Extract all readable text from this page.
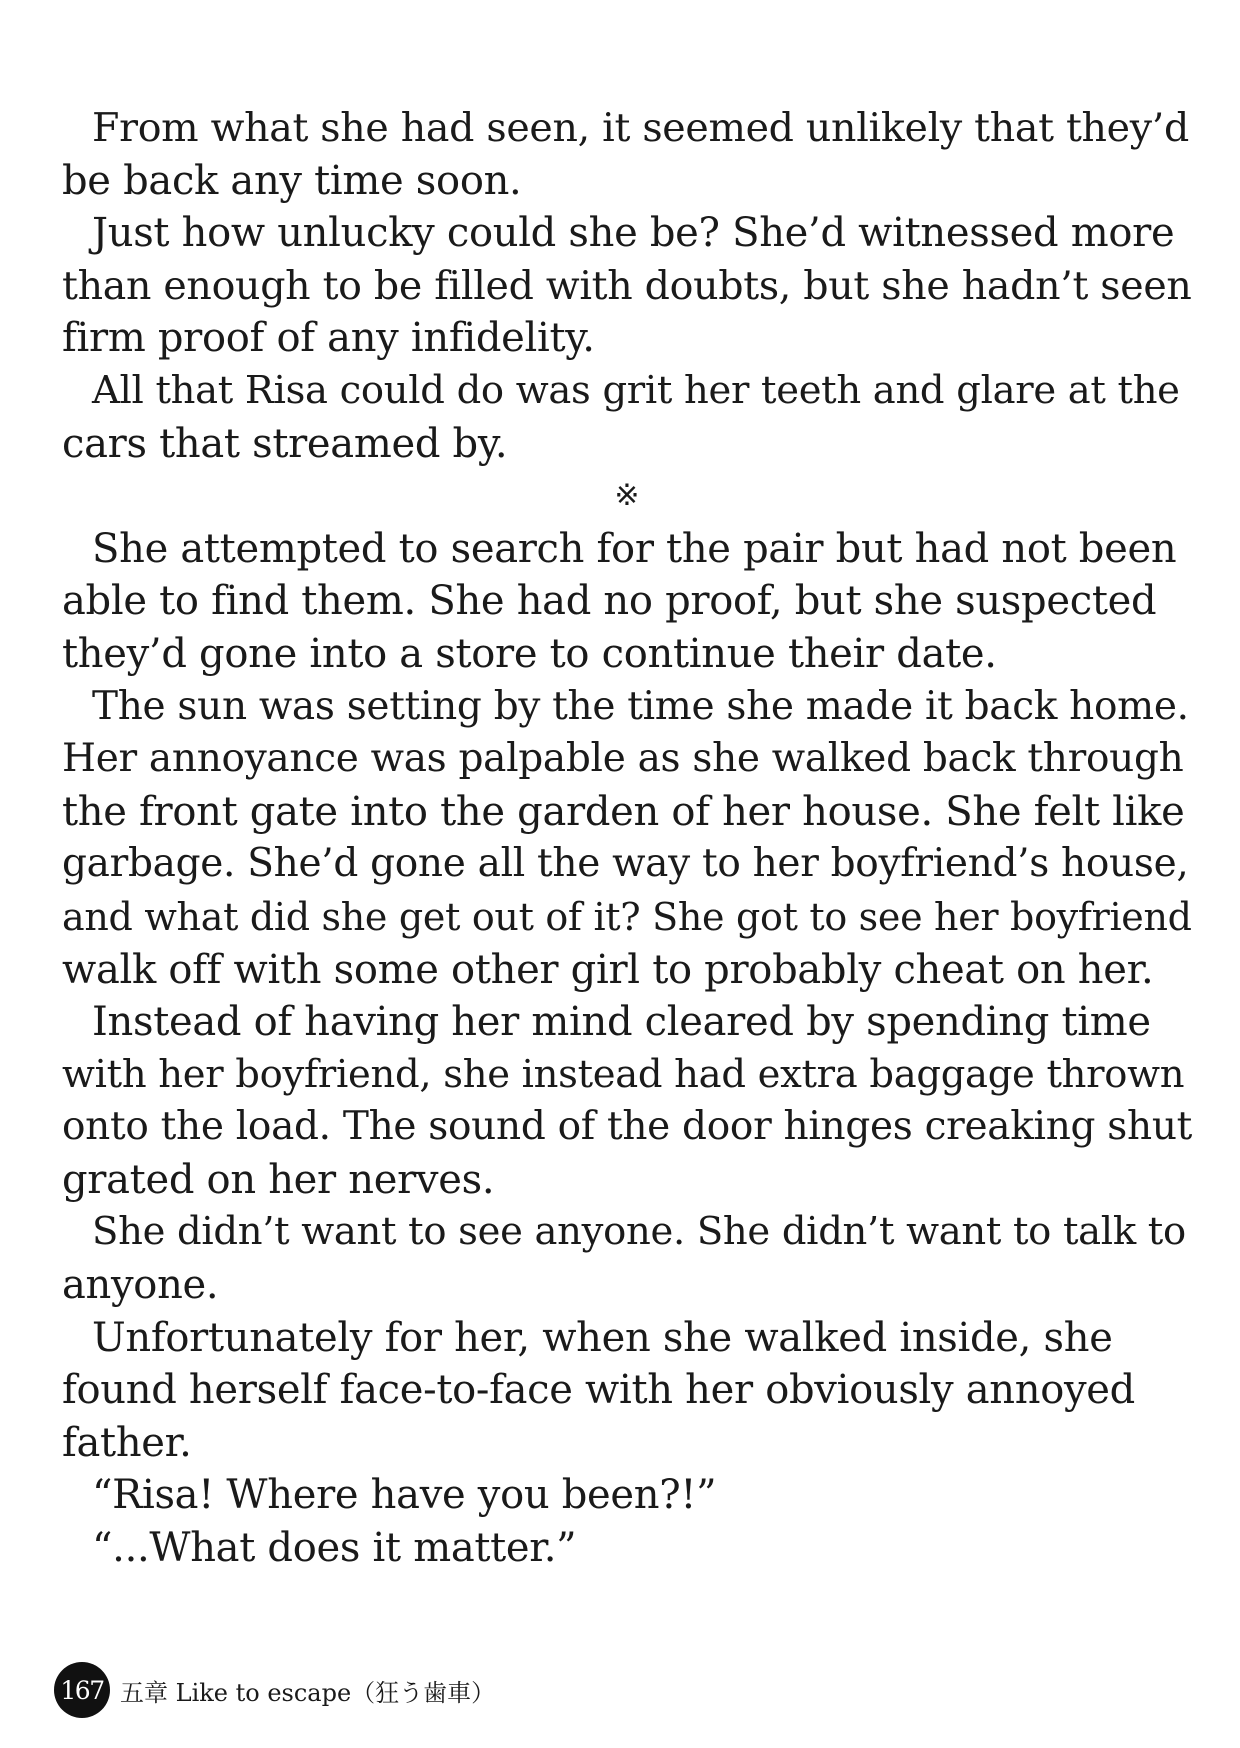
From what she had seen, it seemed unlikely that they’d

be back any time soon.

Just how unlucky could she be? She’d witnessed more

than enough to be filled with doubts, but she hadn’t seen

firm proof of any infidelity.

All that Risa could do was grit her teeth and glare at the

cars that streamed by.

※

She attempted to search for the pair but had not been

able to find them. She had no proof, but she suspected

they’d gone into a store to continue their date.

The sun was setting by the time she made it back home.

Her annoyance was palpable as she walked back through

the front gate into the garden of her house. She felt like

garbage. She’d gone all the way to her boyfriend’s house,

and what did she get out of it? She got to see her boyfriend

walk off with some other girl to probably cheat on her.

Instead of having her mind cleared by spending time

with her boyfriend, she instead had extra baggage thrown

onto the load. The sound of the door hinges creaking shut

grated on her nerves.

She didn’t want to see anyone. She didn’t want to talk to

anyone.

Unfortunately for her, when she walked inside, she

found herself face-to-face with her obviously annoyed

father.

“Risa! Where have you been?!”

“...What does it matter.”

167 五章 Like to escape（狂う歯車）
